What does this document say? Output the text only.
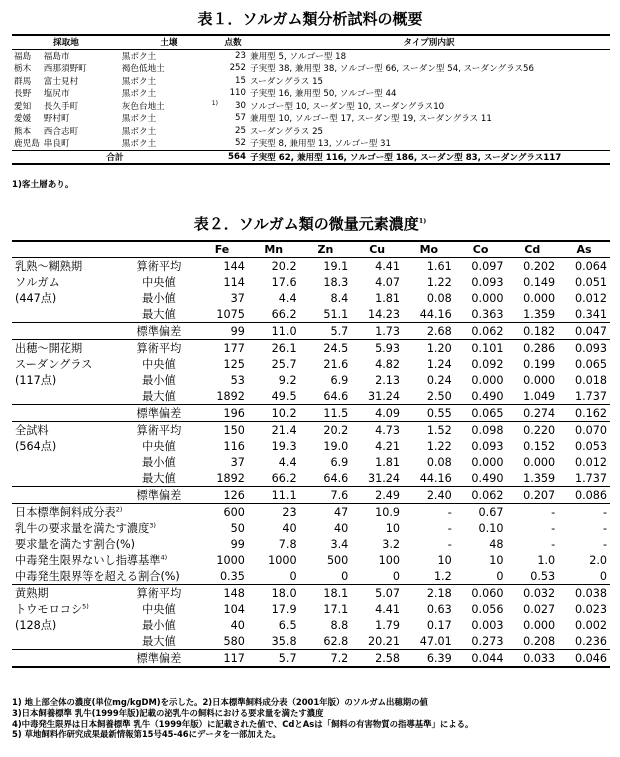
表１．ソルガム類分析試料の概要
採取地		土壌		点数	タイプ別内訳
福島	福島市	黒ボク土		23	兼用型 5, ソルゴー型 18
栃木	西那須野町	褐色低地土		252	子実型 38, 兼用型 38, ソルゴー型 66, スーダン型 54, スーダングラス56
群馬	富士見村	黒ボク土		15	スーダングラス 15
長野	塩尻市	黒ボク土		110	子実型 16, 兼用型 50, ソルゴー型 44
愛知	長久手町	灰色台地土	1)	30	ソルゴー型 10, スーダン型 10, スーダングラス10
愛媛	野村町	黒ボク土		57	兼用型 10, ソルゴー型 17, スーダン型 19, スーダングラス 11
熊本	西合志町	黒ボク土		25	スーダングラス 25
鹿児島	串良町	黒ボク土		52	子実型 8, 兼用型 13, ソルゴー型 31
合計				564	子実型 62, 兼用型 116, ソルゴー型 186, スーダン型 83, スーダングラス117
1)客土層あり。
表２．ソルガム類の微量元素濃度$^{1)}$
		Fe	Mn	Zn	Cu	Mo	Co	Cd	As
乳熟～糊熟期	算術平均	144	20.2	19.1	4.41	1.61	0.097	0.202	0.064
ソルガム	中央値	114	17.6	18.3	4.07	1.22	0.093	0.149	0.051
(447点)	最小値	37	4.4	8.4	1.81	0.08	0.000	0.000	0.012
	最大値	1075	66.2	51.1	14.23	44.16	0.363	1.359	0.341
	標準偏差	99	11.0	5.7	1.73	2.68	0.062	0.182	0.047
出穂～開花期	算術平均	177	26.1	24.5	5.93	1.20	0.101	0.286	0.093
スーダングラス	中央値	125	25.7	21.6	4.82	1.24	0.092	0.199	0.065
(117点)	最小値	53	9.2	6.9	2.13	0.24	0.000	0.000	0.018
	最大値	1892	49.5	64.6	31.24	2.50	0.490	1.049	1.737
	標準偏差	196	10.2	11.5	4.09	0.55	0.065	0.274	0.162
全試料	算術平均	150	21.4	20.2	4.73	1.52	0.098	0.220	0.070
(564点)	中央値	116	19.3	19.0	4.21	1.22	0.093	0.152	0.053
	最小値	37	4.4	6.9	1.81	0.08	0.000	0.000	0.012
	最大値	1892	66.2	64.6	31.24	44.16	0.490	1.359	1.737
	標準偏差	126	11.1	7.6	2.49	2.40	0.062	0.207	0.086
日本標準飼料成分表$^{2)}$		600	23	47	10.9	-	0.67	-	-
乳牛の要求量を満たす濃度$^{3)}$		50	40	40	10	-	0.10	-	-
要求量を満たす割合(%)		99	7.8	3.4	3.2	-	48	-	-
中毒発生限界ないし指導基準$^{4)}$		1000	1000	500	100	10	10	1.0	2.0
中毒発生限界等を超える割合(%)		0.35	0	0	0	1.2	0	0.53	0
黄熟期	算術平均	148	18.0	18.1	5.07	2.18	0.060	0.032	0.038
トウモロコシ$^{5)}$	中央値	104	17.9	17.1	4.41	0.63	0.056	0.027	0.023
(128点)	最小値	40	6.5	8.8	1.79	0.17	0.003	0.000	0.002
	最大値	580	35.8	62.8	20.21	47.01	0.273	0.208	0.236
	標準偏差	117	5.7	7.2	2.58	6.39	0.044	0.033	0.046
1) 地上部全体の濃度(単位mg/kgDM)を示した。2)日本標準飼料成分表（2001年版）のソルガム出穂期の値
3)日本飼養標準 乳牛(1999年版)記載の泌乳牛の飼料における要求量を満たす濃度
4)中毒発生限界は日本飼養標準 乳牛（1999年版）に記載された値で、CdとAsは「飼料の有害物質の指導基準」による。
5) 草地飼料作研究成果最新情報第15号45-46にデータを一部加えた。
